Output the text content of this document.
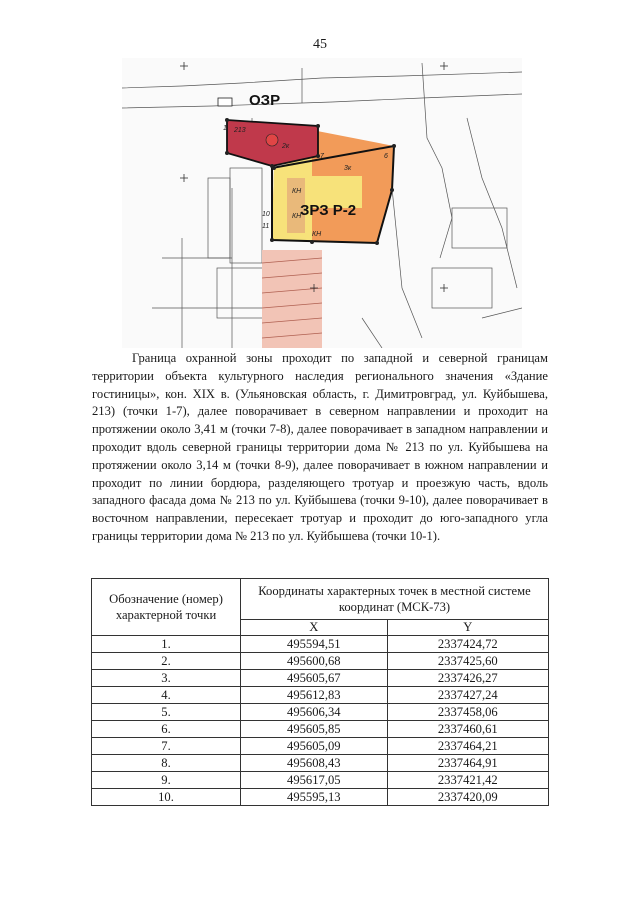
45
ОЗР
ЗРЗ Р-2
213
2к
3к
КН
КН
КН
6
1
7
10
11

Граница охранной зоны проходит по западной и северной границам территории объекта культурного наследия регионального значения «Здание гостиницы», кон. XIX в. (Ульяновская область, г. Димитровград, ул. Куйбышева, 213) (точки 1-7), далее поворачивает в северном направлении и проходит на протяжении около 3,41 м (точки 7-8), далее поворачивает в западном направлении и проходит вдоль северной границы территории дома № 213 по ул. Куйбышева на протяжении около 3,14 м (точки 8-9), далее поворачивает в южном направлении и проходит по линии бордюра, разделяющего тротуар и проезжую часть, вдоль западного фасада дома № 213 по ул. Куйбышева (точки 9-10), далее поворачивает в восточном направлении, пересекает тротуар и проходит до юго-западного угла границы территории дома № 213 по ул. Куйбышева (точки 10-1).

Обозначение (номер) характерной точки	Координаты характерных точек в местной системе координат (МСК-73)	
	X	Y
1.	495594,51	2337424,72
2.	495600,68	2337425,60
3.	495605,67	2337426,27
4.	495612,83	2337427,24
5.	495606,34	2337458,06
6.	495605,85	2337460,61
7.	495605,09	2337464,21
8.	495608,43	2337464,91
9.	495617,05	2337421,42
10.	495595,13	2337420,09
